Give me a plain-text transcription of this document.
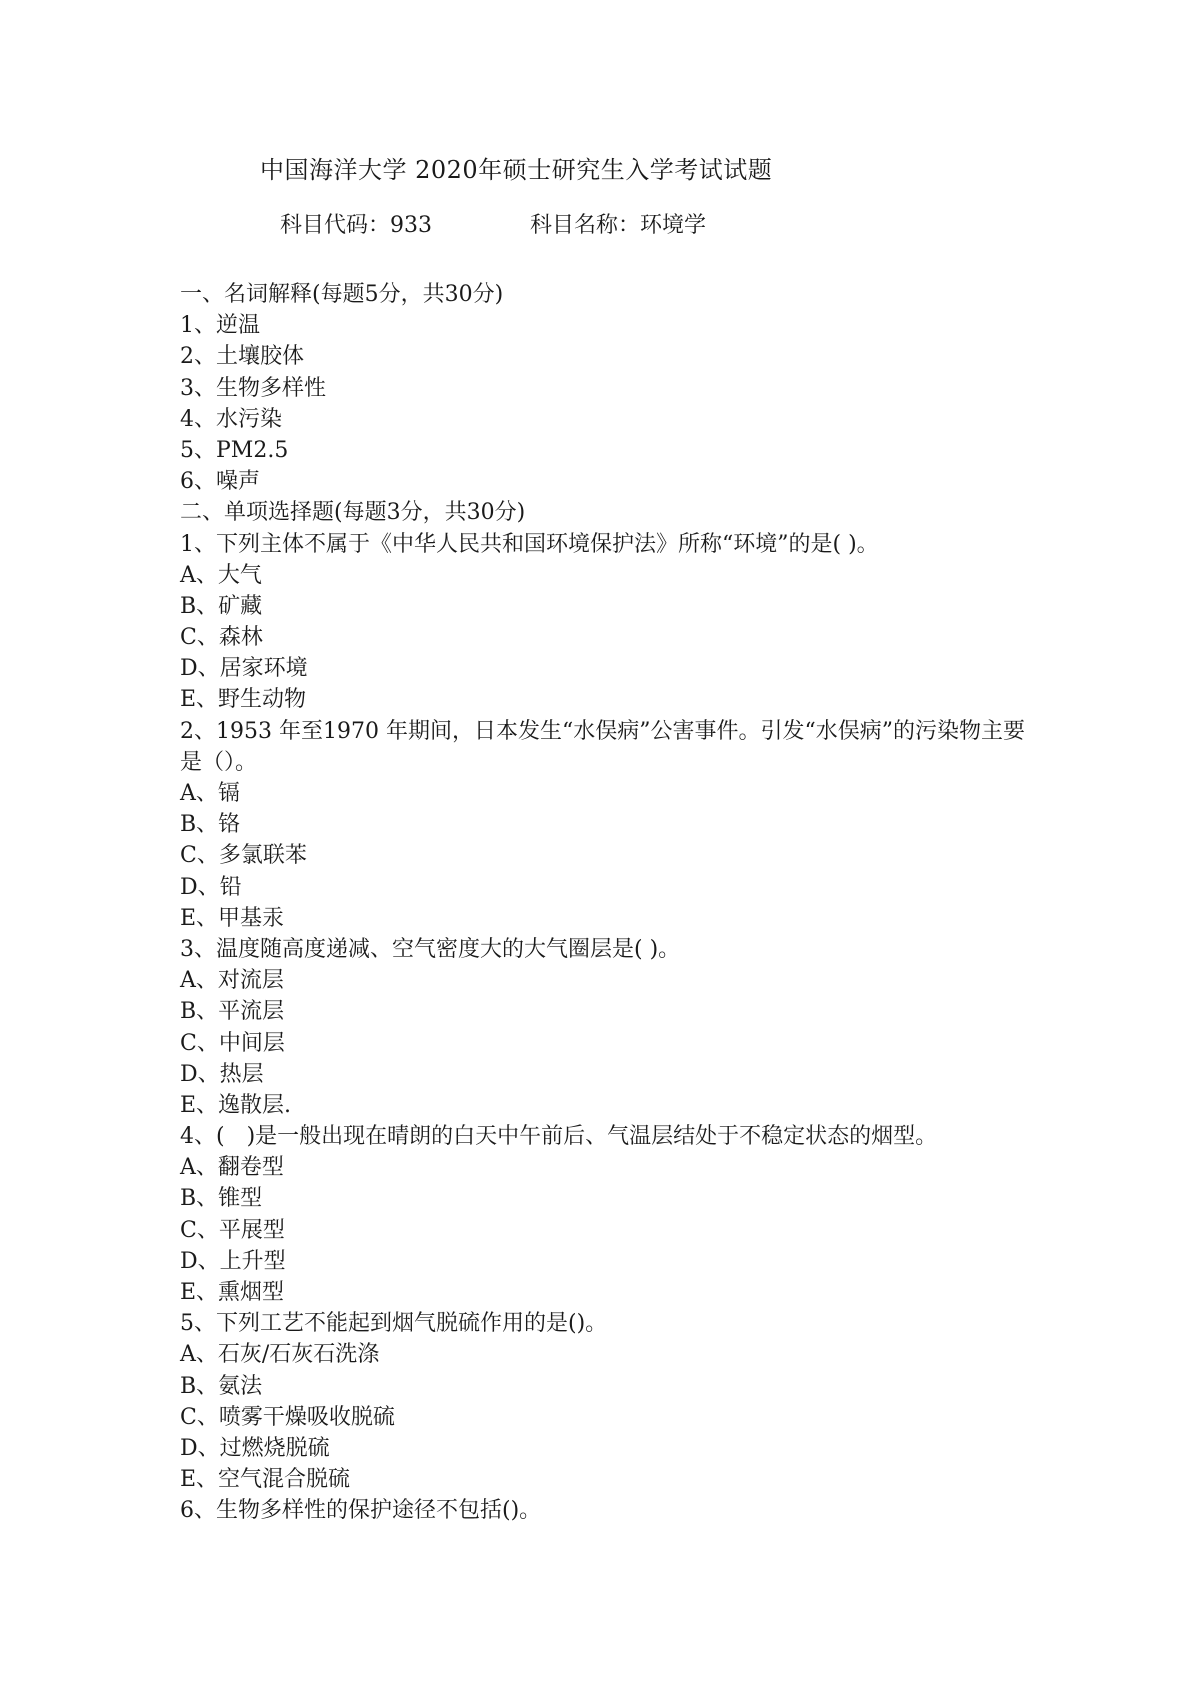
中国海洋大学 2020年硕士研究生入学考试试题
科目代码：933	科目名称：环境学
一、名词解释(每题5分，共30分)
1、逆温
2、土壤胶体
3、生物多样性
4、水污染
5、PM2.5
6、噪声
二、单项选择题(每题3分，共30分)
1、下列主体不属于《中华人民共和国环境保护法》所称“环境”的是( )。
A、大气
B、矿藏
C、森林
D、居家环境
E、野生动物
2、1953 年至1970 年期间，日本发生“水俣病”公害事件。引发“水俣病”的污染物主要是（）。
A、镉
B、铬
C、多氯联苯
D、铅
E、甲基汞
3、温度随高度递减、空气密度大的大气圈层是( )。
A、对流层
B、平流层
C、中间层
D、热层
E、逸散层.
4、(　)是一般出现在晴朗的白天中午前后、气温层结处于不稳定状态的烟型。
A、翻卷型
B、锥型
C、平展型
D、上升型
E、熏烟型
5、下列工艺不能起到烟气脱硫作用的是()。
A、石灰/石灰石洗涤
B、氨法
C、喷雾干燥吸收脱硫
D、过燃烧脱硫
E、空气混合脱硫
6、生物多样性的保护途径不包括()。
